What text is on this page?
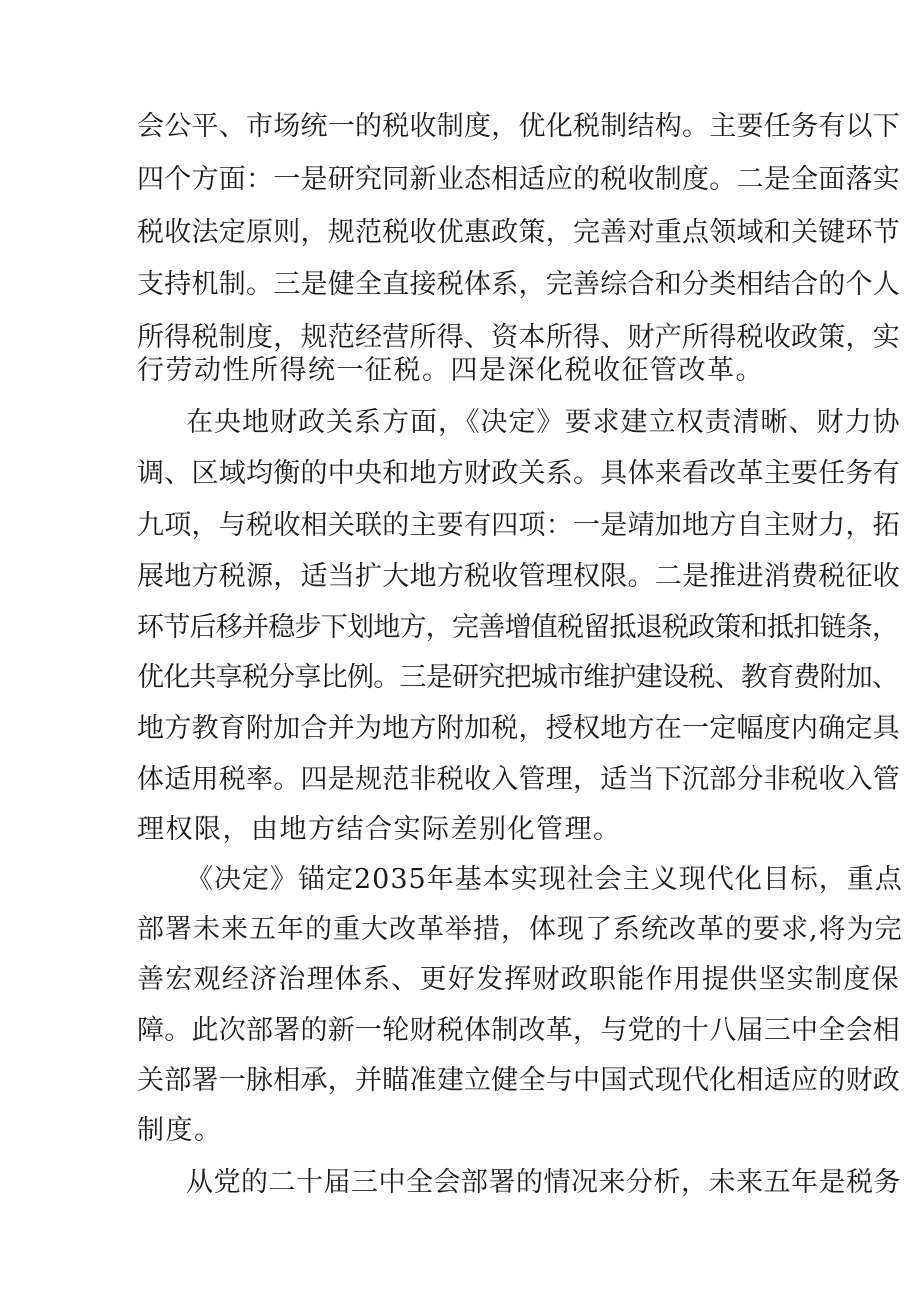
会公平、市场统一的税收制度，优化税制结构。主要任务有以下
四个方面：一是研究同新业态相适应的税收制度。二是全面落实
税收法定原则，规范税收优惠政策，完善对重点领域和关键环节
支持机制。三是健全直接税体系，完善综合和分类相结合的个人
所得税制度，规范经营所得、资本所得、财产所得税收政策，实
行劳动性所得统一征税。四是深化税收征管改革。
在央地财政关系方面，《决定》要求建立权责清晰、财力协
调、区域均衡的中央和地方财政关系。具体来看改革主要任务有
九项，与税收相关联的主要有四项：一是靖加地方自主财力，拓
展地方税源，适当扩大地方税收管理权限。二是推进消费税征收
环节后移并稳步下划地方，完善增值税留抵退税政策和抵扣链条，
优化共享税分享比例。三是研究把城市维护建设税、教育费附加、
地方教育附加合并为地方附加税，授权地方在一定幅度内确定具
体适用税率。四是规范非税收入管理，适当下沉部分非税收入管
理权限，由地方结合实际差别化管理。
《决定》锚定2035年基本实现社会主义现代化目标，重点
部署未来五年的重大改革举措，体现了系统改革的要求,将为完
善宏观经济治理体系、更好发挥财政职能作用提供坚实制度保
障。此次部署的新一轮财税体制改革，与党的十八届三中全会相
关部署一脉相承，并瞄准建立健全与中国式现代化相适应的财政
制度。
从党的二十届三中全会部署的情况来分析，未来五年是税务
